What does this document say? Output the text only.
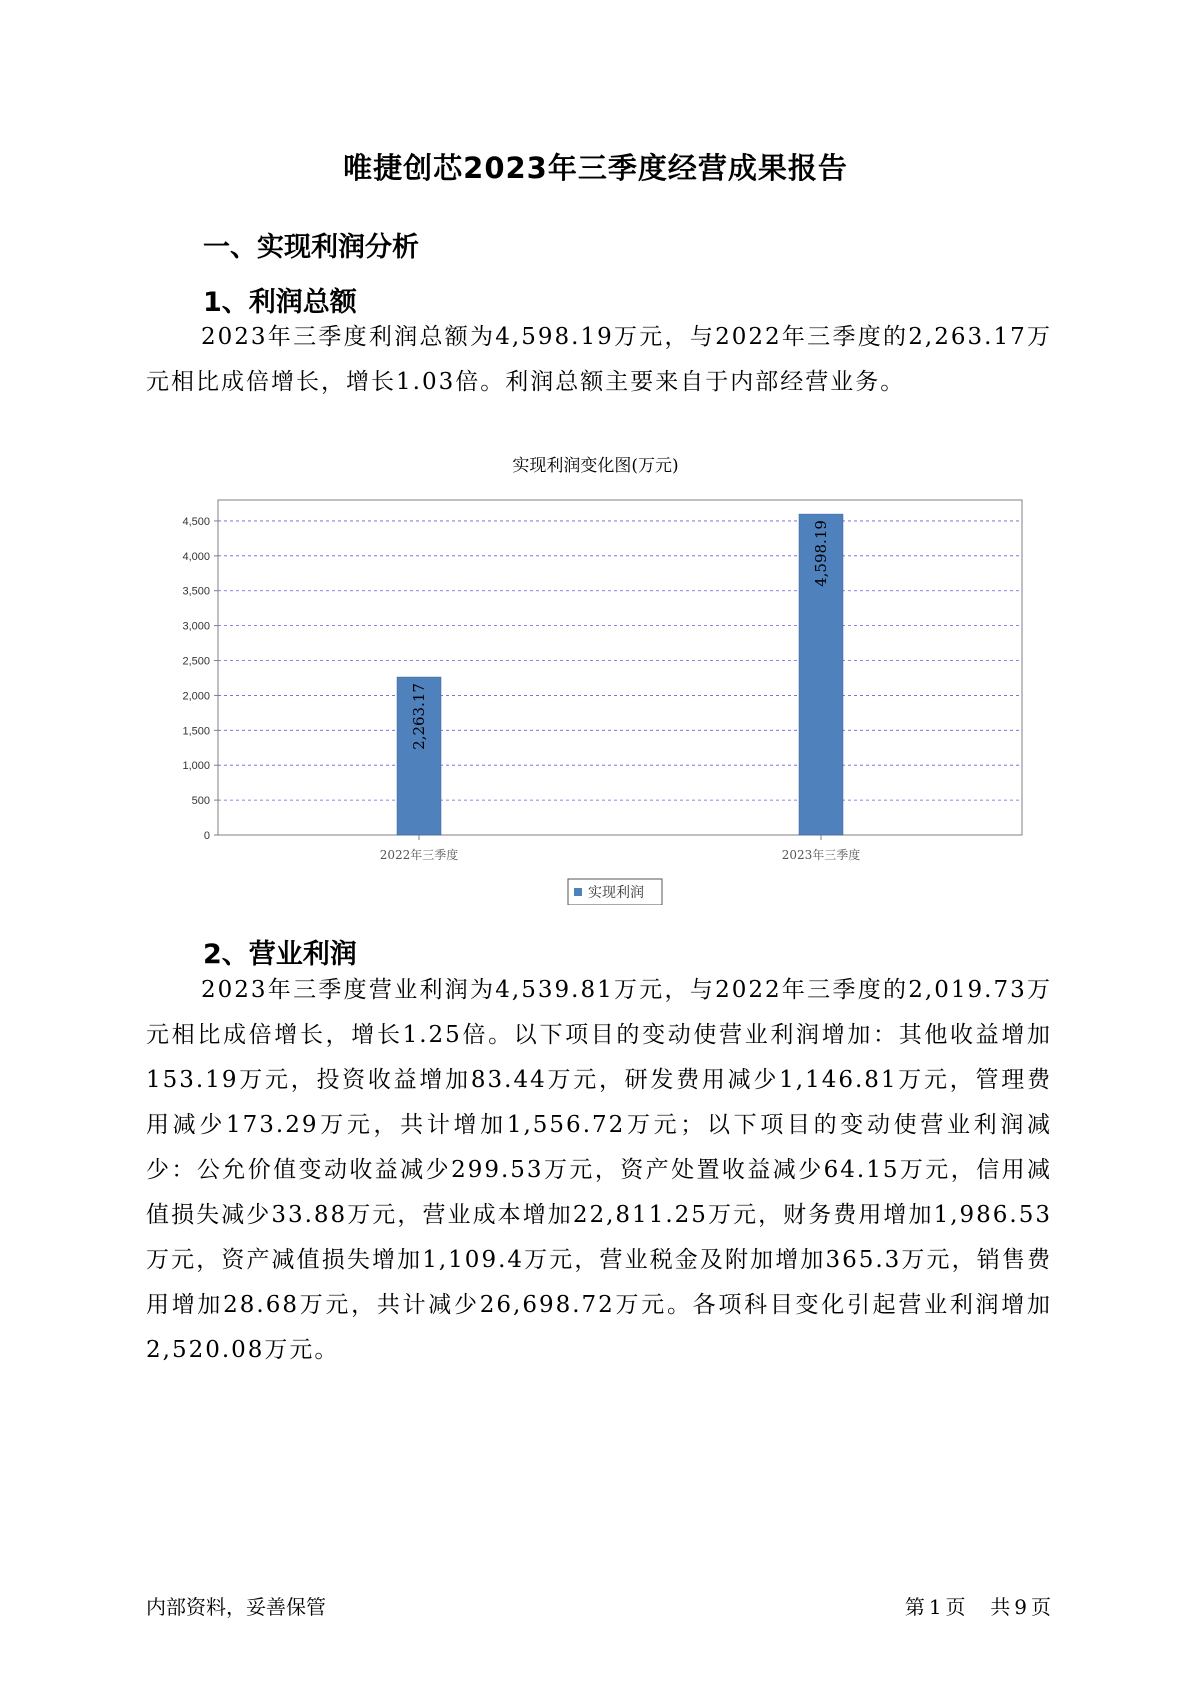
唯捷创芯2023年三季度经营成果报告
一、实现利润分析
1、利润总额
2023年三季度利润总额为4,598.19万元，与2022年三季度的2,263.17万元相比成倍增长，增长1.03倍。利润总额主要来自于内部经营业务。
实现利润变化图(万元)
0
500
1,000
1,500
2,000
2,500
3,000
3,500
4,000
4,500
2,263.17
2022年三季度
4,598.19
2023年三季度
实现利润
2、营业利润
2023年三季度营业利润为4,539.81万元，与2022年三季度的2,019.73万元相比成倍增长，增长1.25倍。以下项目的变动使营业利润增加：其他收益增加153.19万元，投资收益增加83.44万元，研发费用减少1,146.81万元，管理费用减少173.29万元，共计增加1,556.72万元；以下项目的变动使营业利润减少：公允价值变动收益减少299.53万元，资产处置收益减少64.15万元，信用减值损失减少33.88万元，营业成本增加22,811.25万元，财务费用增加1,986.53万元，资产减值损失增加1,109.4万元，营业税金及附加增加365.3万元，销售费用增加28.68万元，共计减少26,698.72万元。各项科目变化引起营业利润增加2,520.08万元。
内部资料，妥善保管	第 1 页 共 9 页
